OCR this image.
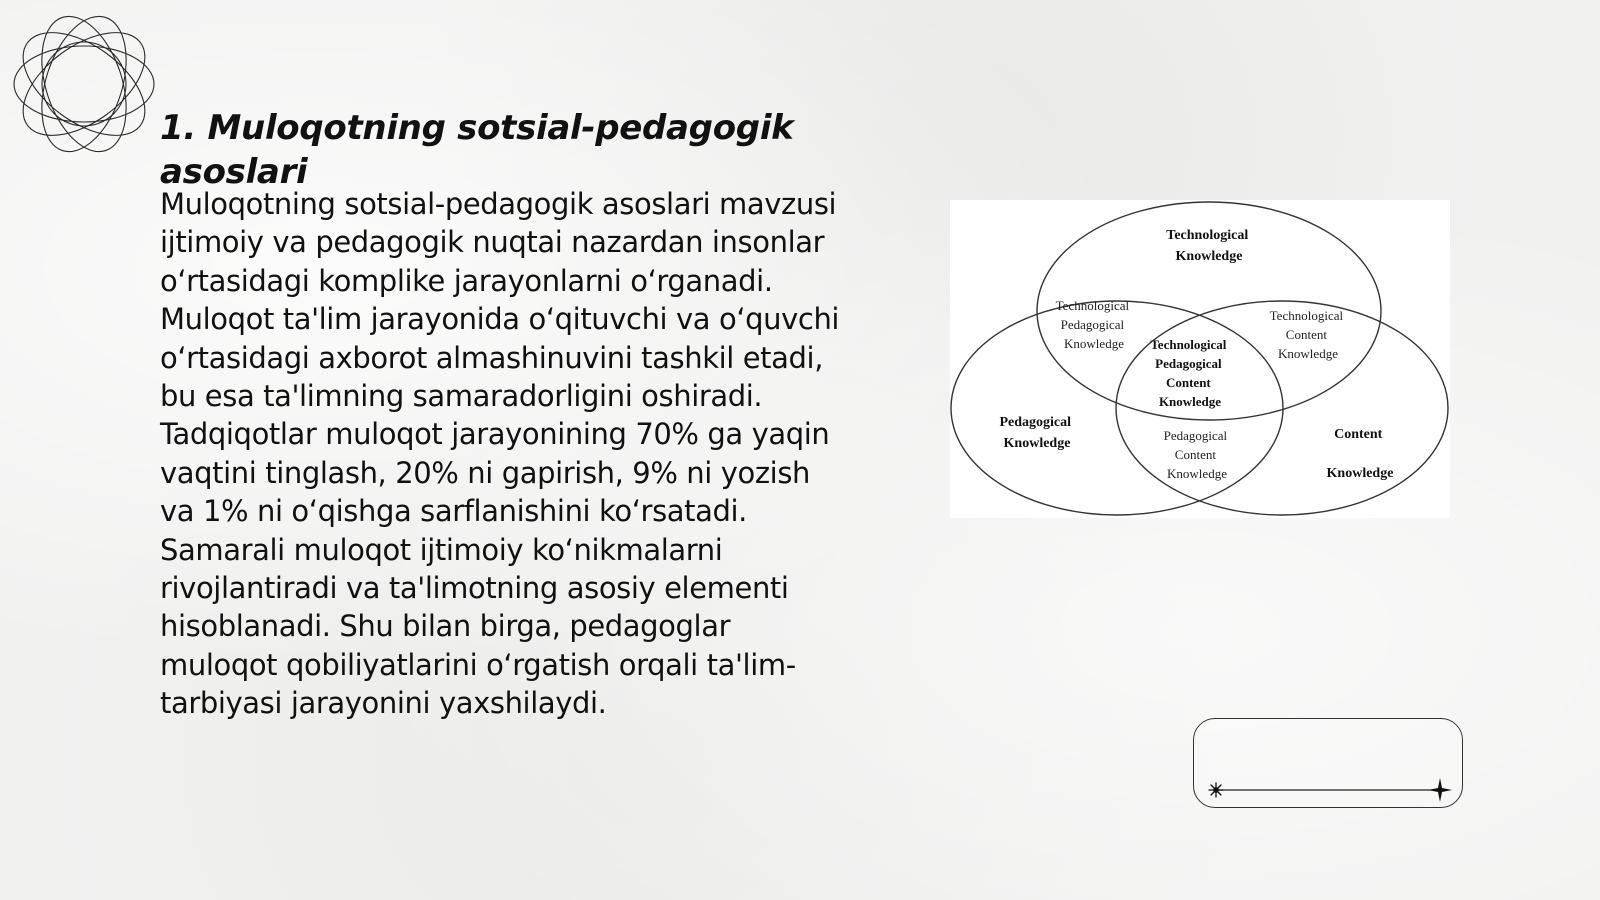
1. Muloqotning sotsial-pedagogik asoslari

Muloqotning sotsial-pedagogik asoslari mavzusi ijtimoiy va pedagogik nuqtai nazardan insonlar oʻrtasidagi komplike jarayonlarni oʻrganadi. Muloqot ta'lim jarayonida oʻqituvchi va oʻquvchi oʻrtasidagi axborot almashinuvini tashkil etadi, bu esa ta'limning samaradorligini oshiradi. Tadqiqotlar muloqot jarayonining 70% ga yaqin vaqtini tinglash, 20% ni gapirish, 9% ni yozish va 1% ni oʻqishga sarflanishini koʻrsatadi. Samarali muloqot ijtimoiy koʻnikmalarni rivojlantiradi va ta'limotning asosiy elementi hisoblanadi. Shu bilan birga, pedagoglar muloqot qobiliyatlarini oʻrgatish orqali ta'lim-tarbiyasi jarayonini yaxshilaydi.

Technological Knowledge
Technological Pedagogical Knowledge
Technological Content Knowledge
Technological Pedagogical Content Knowledge
Pedagogical Knowledge
Pedagogical Content Knowledge
Content Knowledge
